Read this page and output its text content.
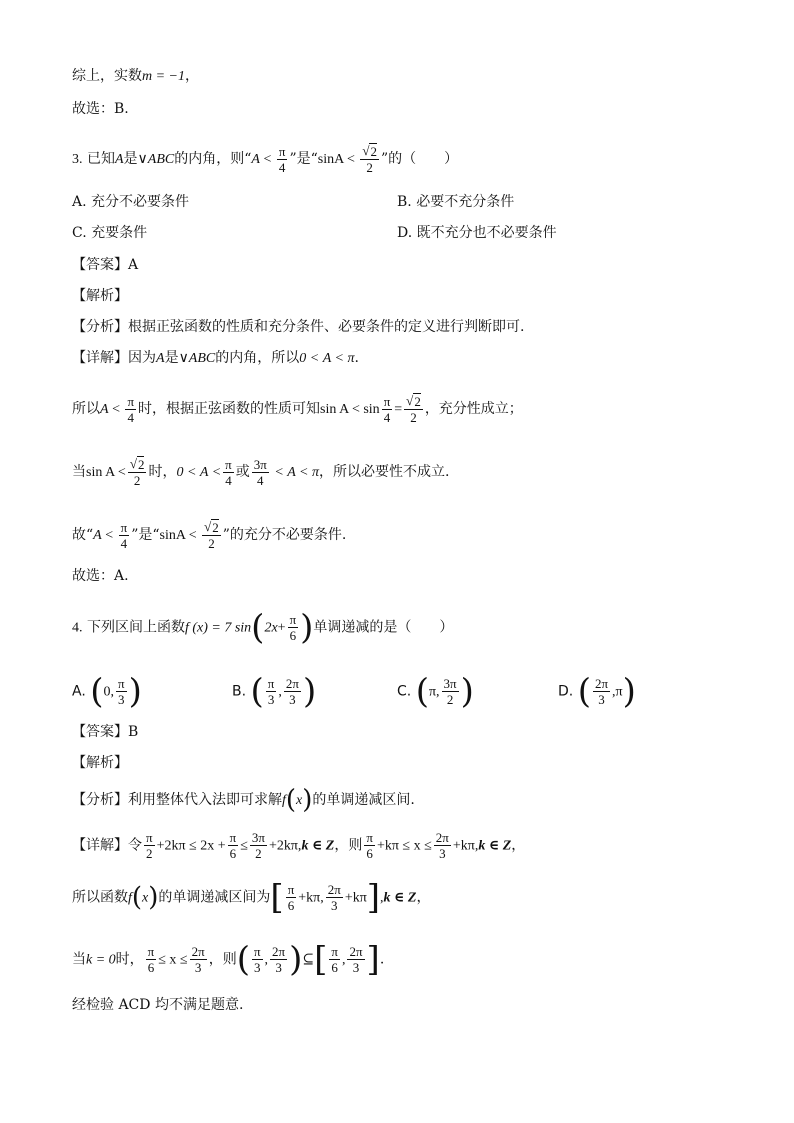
综上，实数m = −1，
故选：B.
3. 已知A是∨ABC的内角，则“$A < \frac{\pi}{4}$ ”是“$\sin A < \frac{√ 2}{2}$ ”的（　　）
A. 充分不必要条件	B. 必要不充分条件
C. 充要条件	D. 既不充分也不必要条件
【答案】A
【解析】
【分析】根据正弦函数的性质和充分条件、必要条件的定义进行判断即可.
【详解】因为A是∨ABC的内角，所以0 < A < π.
所以$A < \frac{\pi}{4}$ 时，根据正弦函数的性质可知$\sin A < \sin \frac{\pi}{4} = \frac{√ 2}{2}$ ，充分性成立；
当$\sin A < \frac{√ 2}{2}$ 时，$0 < A < \frac{\pi}{4}$ 或 $\frac{3\pi}{4} < A < \pi$，所以必要性不成立.
故“$A < \frac{\pi}{4}$ ”是“$\sin A < \frac{√ 2}{2}$ ”的充分不必要条件.
故选：A.
4. 下列区间上函数f (x) = 7 $\sin(2x+ \frac{\pi}{6}$ )单调递减的是（　　）
A. (0, $\frac{\pi}{3}$ )	B. ( $\frac{\pi}{3}$ , $\frac{2\pi}{3}$ )	C. (π, $\frac{3\pi}{2}$ )	D. ( $\frac{2\pi}{3} ,\pi$)
【答案】B
【解析】
【分析】利用整体代入法即可求解f(x)的单调递减区间.
【详解】令 $\frac{\pi}{2} +2k\pi \le 2x + \frac{\pi}{6} \le \frac{3\pi}{2} +2k\pi,k$ ∈ Z，则 $\frac{\pi}{6} +k\pi \le x \le \frac{2\pi}{3} +k\pi,k$ ∈ Z，
所以函数f(x)的单调递减区间为[ $\frac{\pi}{6} +k\pi$, $\frac{2\pi}{3} +k\pi],k$ ∈ Z，
当k = 0时， $\frac{\pi}{6} \le x \le \frac{2\pi}{3}$ ，则( $\frac{\pi}{3}$ , $\frac{2\pi}{3}$ )⊆[ $\frac{\pi}{6}$ , $\frac{2\pi}{3}$ ].
经检验 ACD 均不满足题意.
